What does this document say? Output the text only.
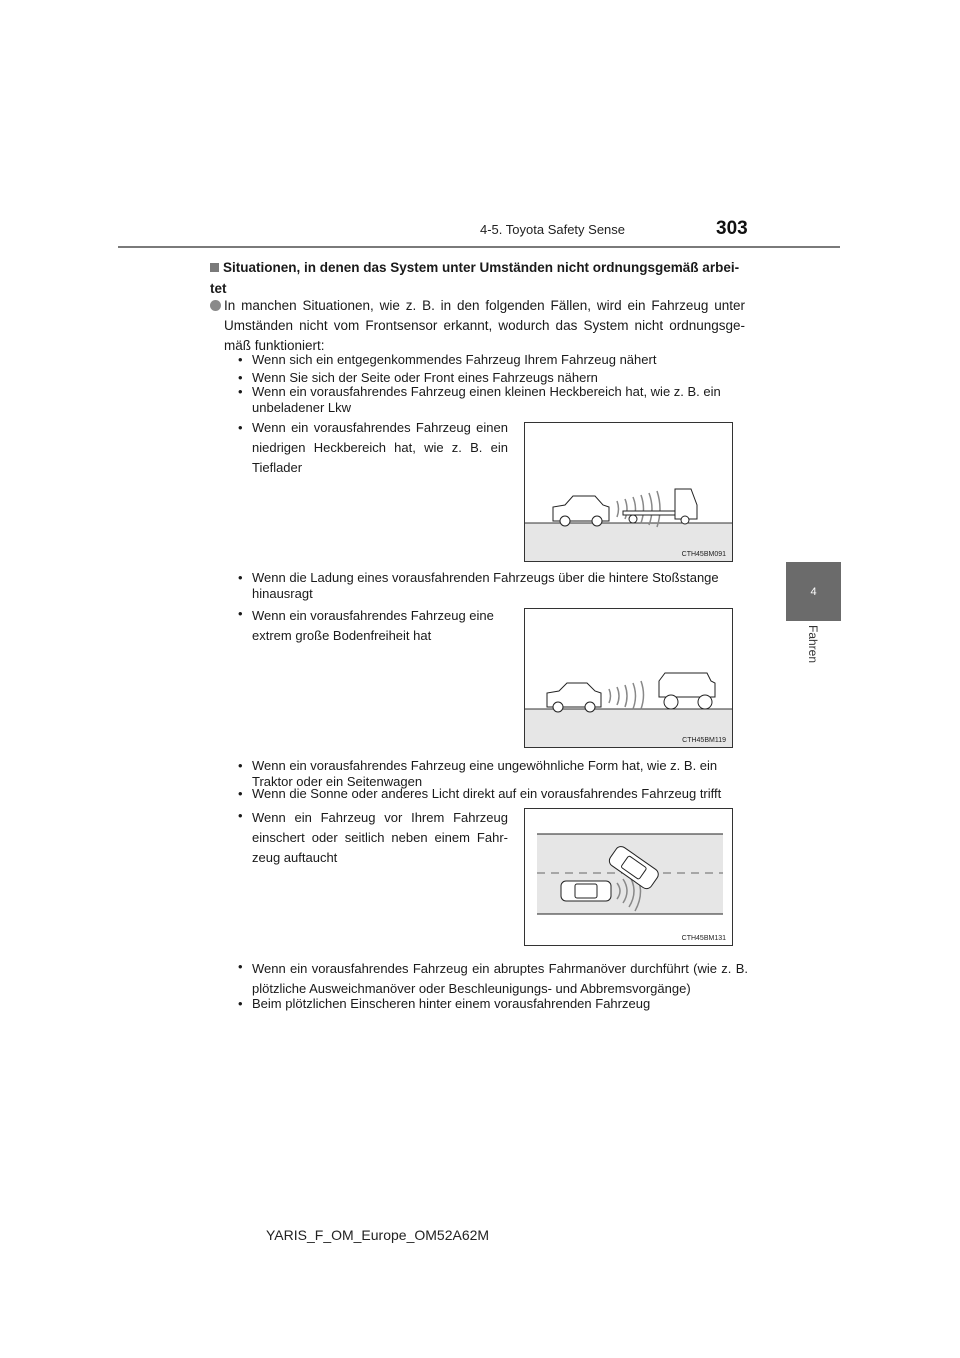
4-5. Toyota Safety Sense	303
4
Fahren
Situationen, in denen das System unter Umständen nicht ordnungsgemäß arbei-tet
In manchen Situationen, wie z. B. in den folgenden Fällen, wird ein Fahrzeug unter Umständen nicht vom Frontsensor erkannt, wodurch das System nicht ordnungsge-mäß funktioniert:
• Wenn sich ein entgegenkommendes Fahrzeug Ihrem Fahrzeug nähert
• Wenn Sie sich der Seite oder Front eines Fahrzeugs nähern
• Wenn ein vorausfahrendes Fahrzeug einen kleinen Heckbereich hat, wie z. B. ein unbeladener Lkw
• Wenn ein vorausfahrendes Fahrzeug einen niedrigen Heckbereich hat, wie z. B. ein Tieflader
CTH45BM091
• Wenn die Ladung eines vorausfahrenden Fahrzeugs über die hintere Stoßstange hinausragt
• Wenn ein vorausfahrendes Fahrzeug eine extrem große Bodenfreiheit hat
CTH45BM119
• Wenn ein vorausfahrendes Fahrzeug eine ungewöhnliche Form hat, wie z. B. ein Traktor oder ein Seitenwagen
• Wenn die Sonne oder anderes Licht direkt auf ein vorausfahrendes Fahrzeug trifft
• Wenn ein Fahrzeug vor Ihrem Fahrzeug einschert oder seitlich neben einem Fahr-zeug auftaucht
CTH45BM131
• Wenn ein vorausfahrendes Fahrzeug ein abruptes Fahrmanöver durchführt (wie z. B. plötzliche Ausweichmanöver oder Beschleunigungs- und Abbremsvorgänge)
• Beim plötzlichen Einscheren hinter einem vorausfahrenden Fahrzeug
YARIS_F_OM_Europe_OM52A62M
